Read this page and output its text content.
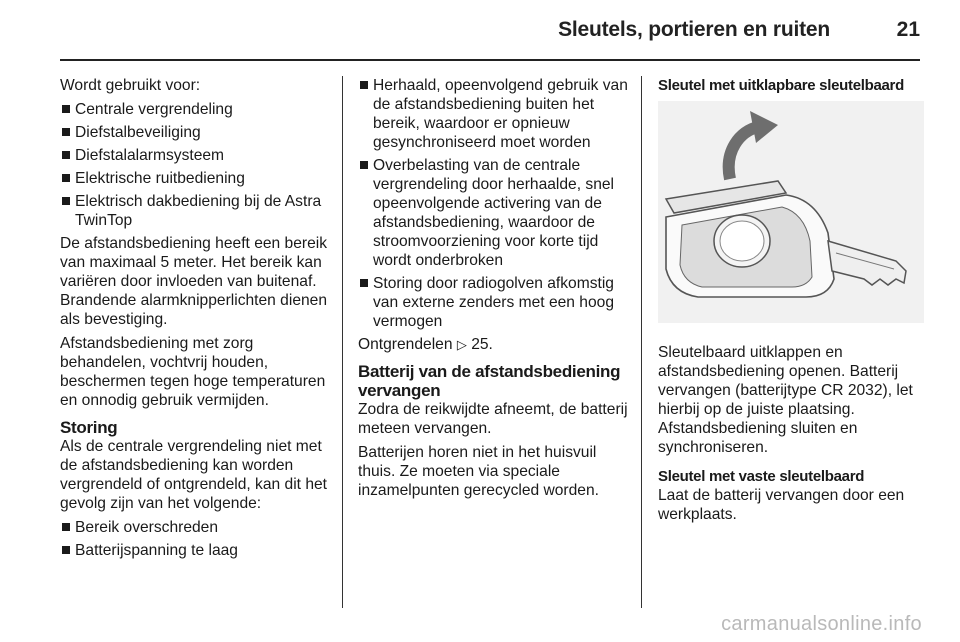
Sleutels, portieren en ruiten	21

Wordt gebruikt voor:

Centrale vergrendeling
Diefstalbeveiliging
Diefstalalarmsysteem
Elektrische ruitbediening
Elektrisch dakbediening bij de Astra TwinTop

De afstandsbediening heeft een bereik van maximaal 5 meter. Het bereik kan variëren door invloeden van buitenaf. Brandende alarmknipperlichten dienen als bevestiging.

Afstandsbediening met zorg behandelen, vochtvrij houden, beschermen tegen hoge temperaturen en onnodig gebruik vermijden.

Storing

Als de centrale vergrendeling niet met de afstandsbediening kan worden vergrendeld of ontgrendeld, kan dit het gevolg zijn van het volgende:

Bereik overschreden
Batterijspanning te laag
Herhaald, opeenvolgend gebruik van de afstandsbediening buiten het bereik, waardoor er opnieuw gesynchroniseerd moet worden
Overbelasting van de centrale vergrendeling door herhaalde, snel opeenvolgende activering van de afstandsbediening, waardoor de stroomvoorziening voor korte tijd wordt onderbroken
Storing door radiogolven afkomstig van externe zenders met een hoog vermogen

Ontgrendelen ▷ 25.

Batterij van de afstandsbediening vervangen

Zodra de reikwijdte afneemt, de batterij meteen vervangen.

Batterijen horen niet in het huisvuil thuis. Ze moeten via speciale inzamelpunten gerecycled worden.

Sleutel met uitklapbare sleutelbaard

Sleutelbaard uitklappen en afstandsbediening openen. Batterij vervangen (batterijtype CR 2032), let hierbij op de juiste plaatsing. Afstandsbediening sluiten en synchroniseren.

Sleutel met vaste sleutelbaard

Laat de batterij vervangen door een werkplaats.

carmanualsonline.info
